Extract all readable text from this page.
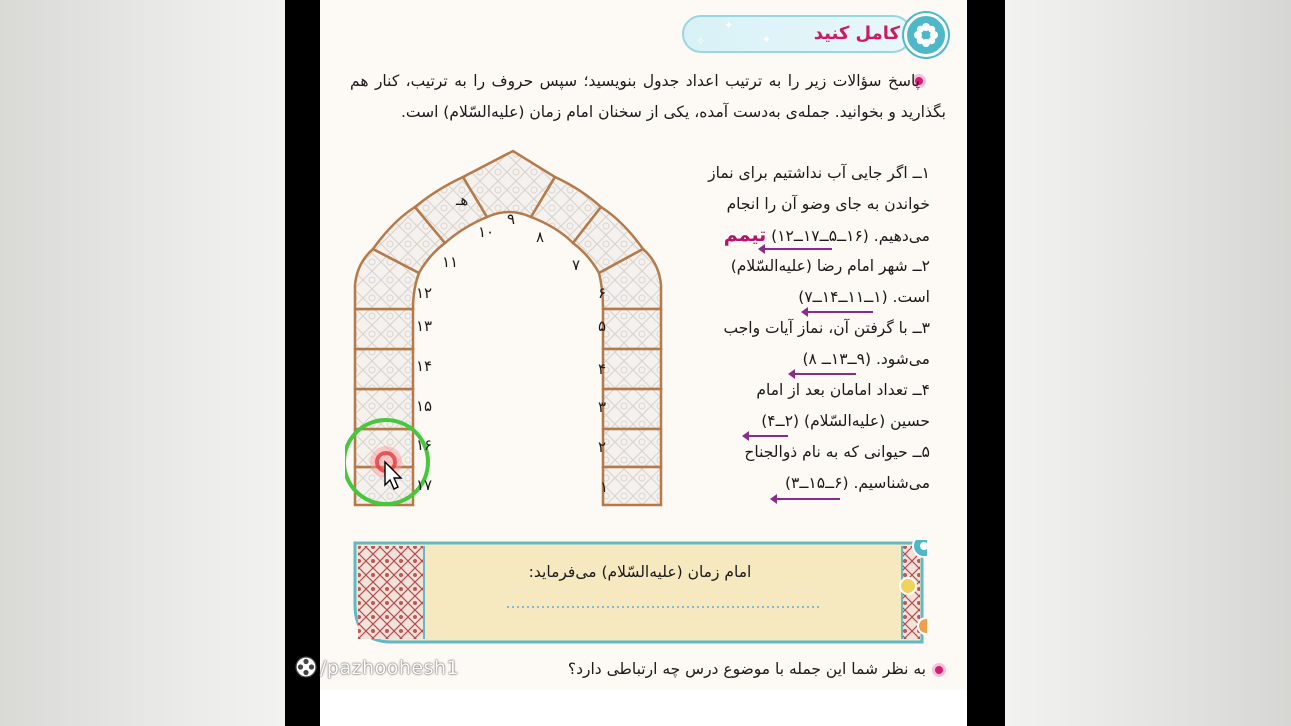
✦
✦
✧	کامل کنید
پاسخ سؤالات زیر را به ترتیب اعداد جدول بنویسید؛ سپس حروف را به ترتیب، کنار هم بگذارید و بخوانید. جمله‌ی به‌دست آمده، یکی از سخنان امام زمان (علیه‌السّلام) است.
۱ــ اگر جایی آب نداشتیم برای نماز
خواندن به جای وضو آن را انجام
می‌دهیم. (۱۶ــ۵ــ۱۷ــ۱۲) تیمم
۲ــ شهر امام رضا (علیه‌السّلام)
است. (۱ــ۱۱ــ۱۴ــ۷)
۳ــ با گرفتن آن، نماز آیات واجب
می‌شود. (۹ــ۱۳ــ ۸)
۴ــ تعداد امامان بعد از امام
حسین (علیه‌السّلام) (۲ــ۴)
۵ــ حیوانی که به نام ذوالجناح
می‌شناسیم. (۶ــ۱۵ــ۳)
۱۷
۱۶
۱۵
۱۴
۱۳
۱۲
۱۱
۱۰
۹
۸
۷
۶
۵
۴
۳
۲
۱
هـ
امام زمان (علیه‌السّلام) می‌فرماید:
به نظر شما این جمله با موضوع درس چه ارتباطی دارد؟
/pazhoohesh1
